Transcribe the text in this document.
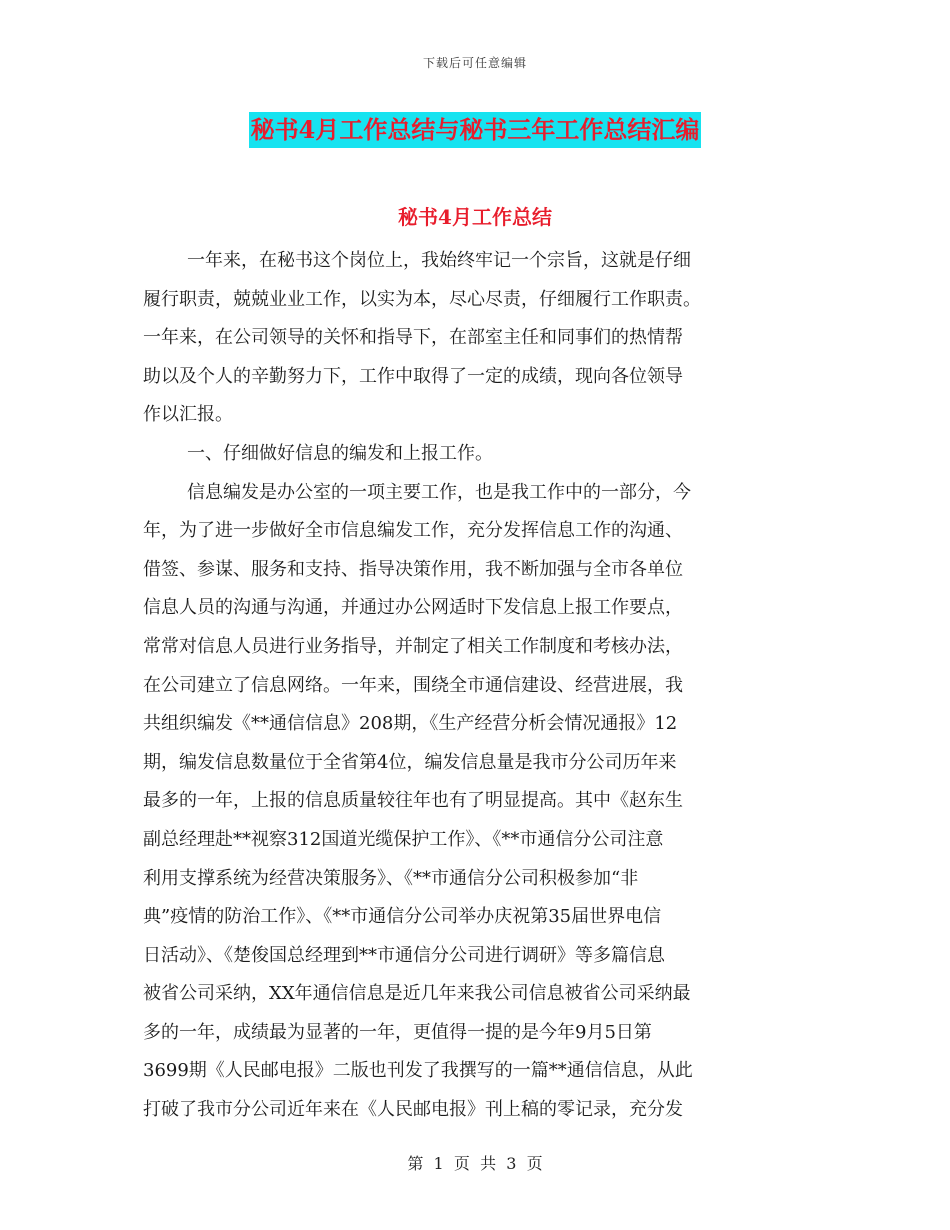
下载后可任意编辑
秘书4月工作总结与秘书三年工作总结汇编
秘书4月工作总结
一年来，在秘书这个岗位上，我始终牢记一个宗旨，这就是仔细
履行职责，兢兢业业工作，以实为本，尽心尽责，仔细履行工作职责。
一年来，在公司领导的关怀和指导下，在部室主任和同事们的热情帮
助以及个人的辛勤努力下，工作中取得了一定的成绩，现向各位领导
作以汇报。
一、仔细做好信息的编发和上报工作。
信息编发是办公室的一项主要工作，也是我工作中的一部分，今
年，为了进一步做好全市信息编发工作，充分发挥信息工作的沟通、
借签、参谋、服务和支持、指导决策作用，我不断加强与全市各单位
信息人员的沟通与沟通，并通过办公网适时下发信息上报工作要点，
常常对信息人员进行业务指导，并制定了相关工作制度和考核办法，
在公司建立了信息网络。一年来，围绕全市通信建设、经营进展，我
共组织编发《**通信信息》208期，《生产经营分析会情况通报》12
期，编发信息数量位于全省第4位，编发信息量是我市分公司历年来
最多的一年，上报的信息质量较往年也有了明显提高。其中《赵东生
副总经理赴**视察312国道光缆保护工作》、《**市通信分公司注意
利用支撑系统为经营决策服务》、《**市通信分公司积极参加“非
典”疫情的防治工作》、《**市通信分公司举办庆祝第35届世界电信
日活动》、《楚俊国总经理到**市通信分公司进行调研》等多篇信息
被省公司采纳，XX年通信信息是近几年来我公司信息被省公司采纳最
多的一年，成绩最为显著的一年，更值得一提的是今年9月5日第
3699期《人民邮电报》二版也刊发了我撰写的一篇**通信信息，从此
打破了我市分公司近年来在《人民邮电报》刊上稿的零记录，充分发
第  1  页  共  3  页
